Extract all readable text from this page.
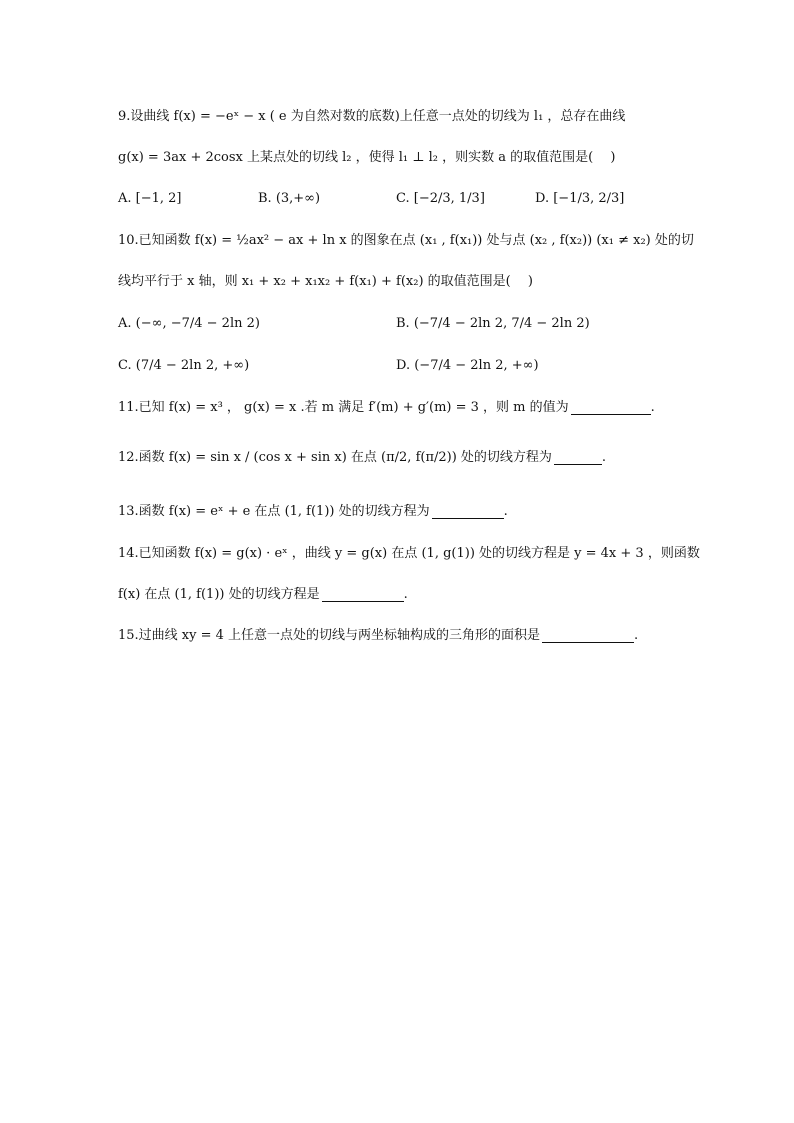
9.设曲线 f(x) = −eˣ − x ( e 为自然对数的底数)上任意一点处的切线为 l₁ ，总存在曲线
g(x) = 3ax + 2cosx 上某点处的切线 l₂ ，使得 l₁ ⊥ l₂ ，则实数 a 的取值范围是(　 )
A. [−1, 2]	B. (3,+∞)	C. [−2/3, 1/3]	D. [−1/3, 2/3]
10.已知函数 f(x) = ½ax² − ax + ln x 的图象在点 (x₁ , f(x₁)) 处与点 (x₂ , f(x₂)) (x₁ ≠ x₂) 处的切
线均平行于 x 轴，则 x₁ + x₂ + x₁x₂ + f(x₁) + f(x₂) 的取值范围是(　 )
A. (−∞, −7/4 − 2ln 2)	B. (−7/4 − 2ln 2, 7/4 − 2ln 2)
C. (7/4 − 2ln 2, +∞)	D. (−7/4 − 2ln 2, +∞)
11.已知 f(x) = x³ ， g(x) = x .若 m 满足 f′(m) + g′(m) = 3 ，则 m 的值为	.
12.函数 f(x) = sin x / (cos x + sin x) 在点 (π/2, f(π/2)) 处的切线方程为	.
13.函数 f(x) = eˣ + e 在点 (1, f(1)) 处的切线方程为	.
14.已知函数 f(x) = g(x) · eˣ ，曲线 y = g(x) 在点 (1, g(1)) 处的切线方程是 y = 4x + 3 ，则函数
f(x) 在点 (1, f(1)) 处的切线方程是	.
15.过曲线 xy = 4 上任意一点处的切线与两坐标轴构成的三角形的面积是	.
